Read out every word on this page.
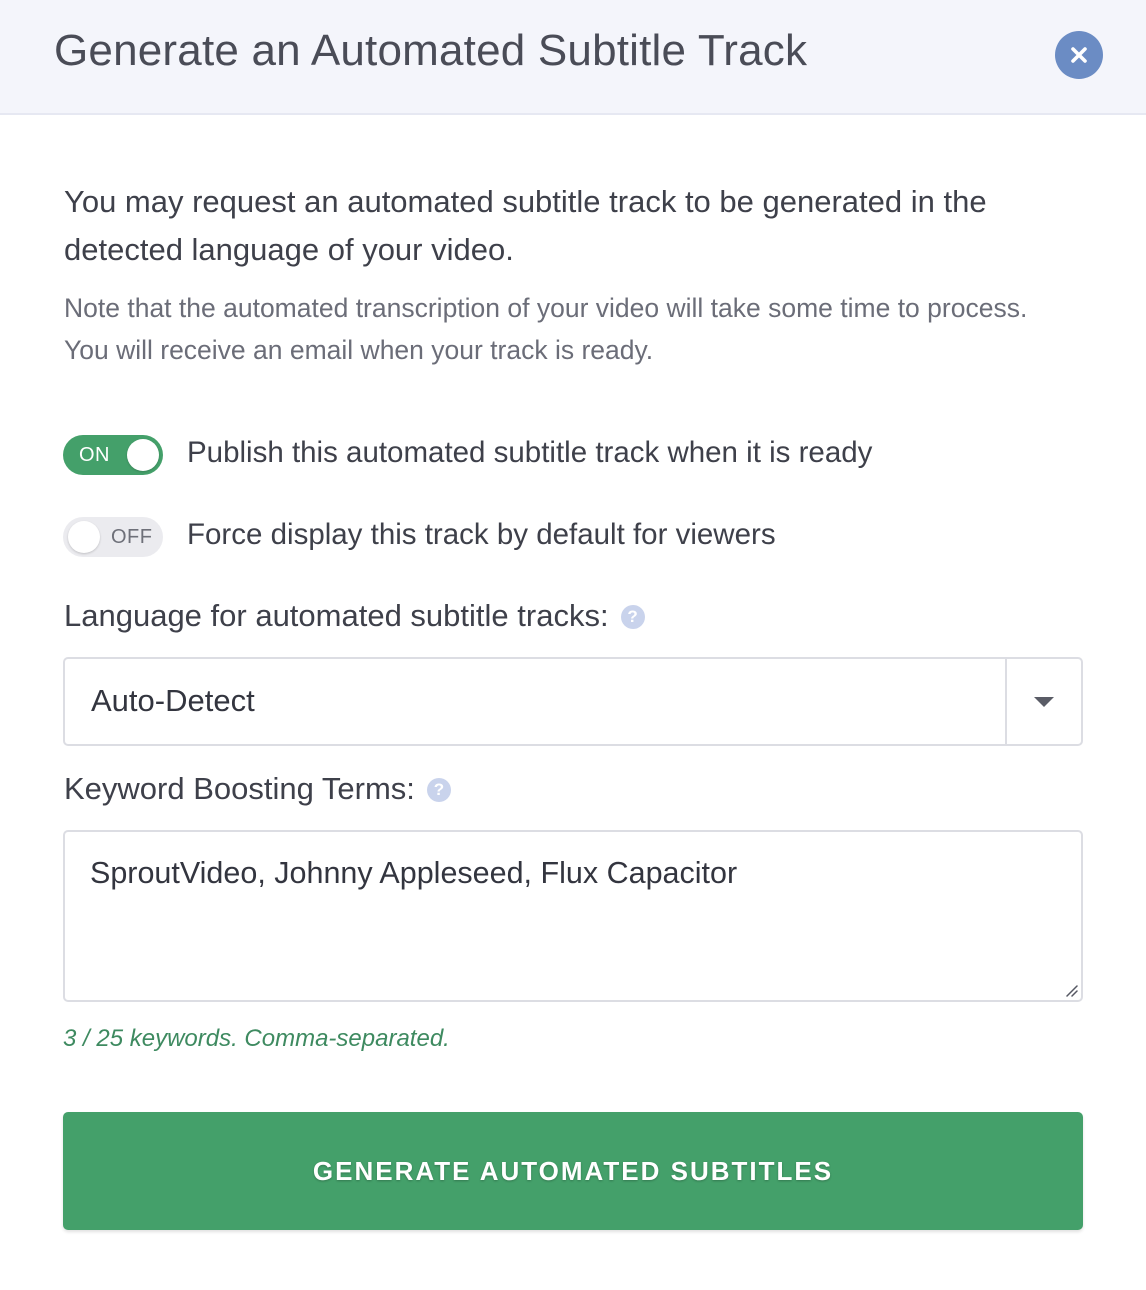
Generate an Automated Subtitle Track

You may request an automated subtitle track to be generated in the detected language of your video.

Note that the automated transcription of your video will take some time to process. You will receive an email when your track is ready.

ON	Publish this automated subtitle track when it is ready
OFF Force display this track by default for viewers
Language for automated subtitle tracks: ?
Auto-Detect
Keyword Boosting Terms: ?
SproutVideo, Johnny Appleseed, Flux Capacitor
3 / 25 keywords. Comma-separated.
GENERATE AUTOMATED SUBTITLES
